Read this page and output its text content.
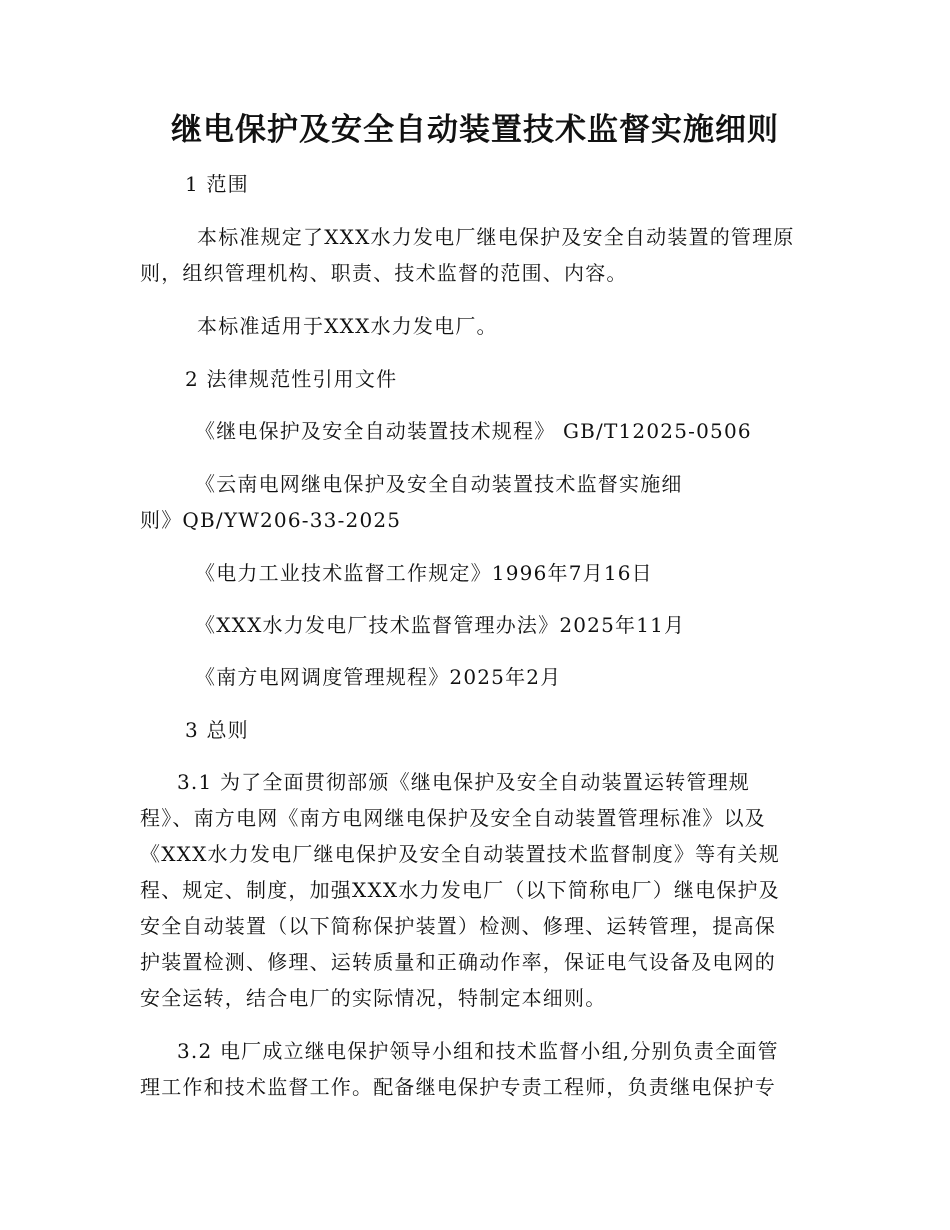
继电保护及安全自动装置技术监督实施细则
1 范围
本标准规定了XXX水力发电厂继电保护及安全自动装置的管理原
则，组织管理机构、职责、技术监督的范围、内容。
本标准适用于XXX水力发电厂。
2 法律规范性引用文件
《继电保护及安全自动装置技术规程》 GB/T12025-0506
《云南电网继电保护及安全自动装置技术监督实施细
则》QB/YW206-33-2025
《电力工业技术监督工作规定》1996年7月16日
《XXX水力发电厂技术监督管理办法》2025年11月
《南方电网调度管理规程》2025年2月
3 总则
3.1 为了全面贯彻部颁《继电保护及安全自动装置运转管理规
程》、南方电网《南方电网继电保护及安全自动装置管理标准》以及
《XXX水力发电厂继电保护及安全自动装置技术监督制度》等有关规
程、规定、制度，加强XXX水力发电厂（以下简称电厂）继电保护及
安全自动装置（以下简称保护装置）检测、修理、运转管理，提高保
护装置检测、修理、运转质量和正确动作率，保证电气设备及电网的
安全运转，结合电厂的实际情况，特制定本细则。
3.2 电厂成立继电保护领导小组和技术监督小组,分别负责全面管
理工作和技术监督工作。配备继电保护专责工程师，负责继电保护专
